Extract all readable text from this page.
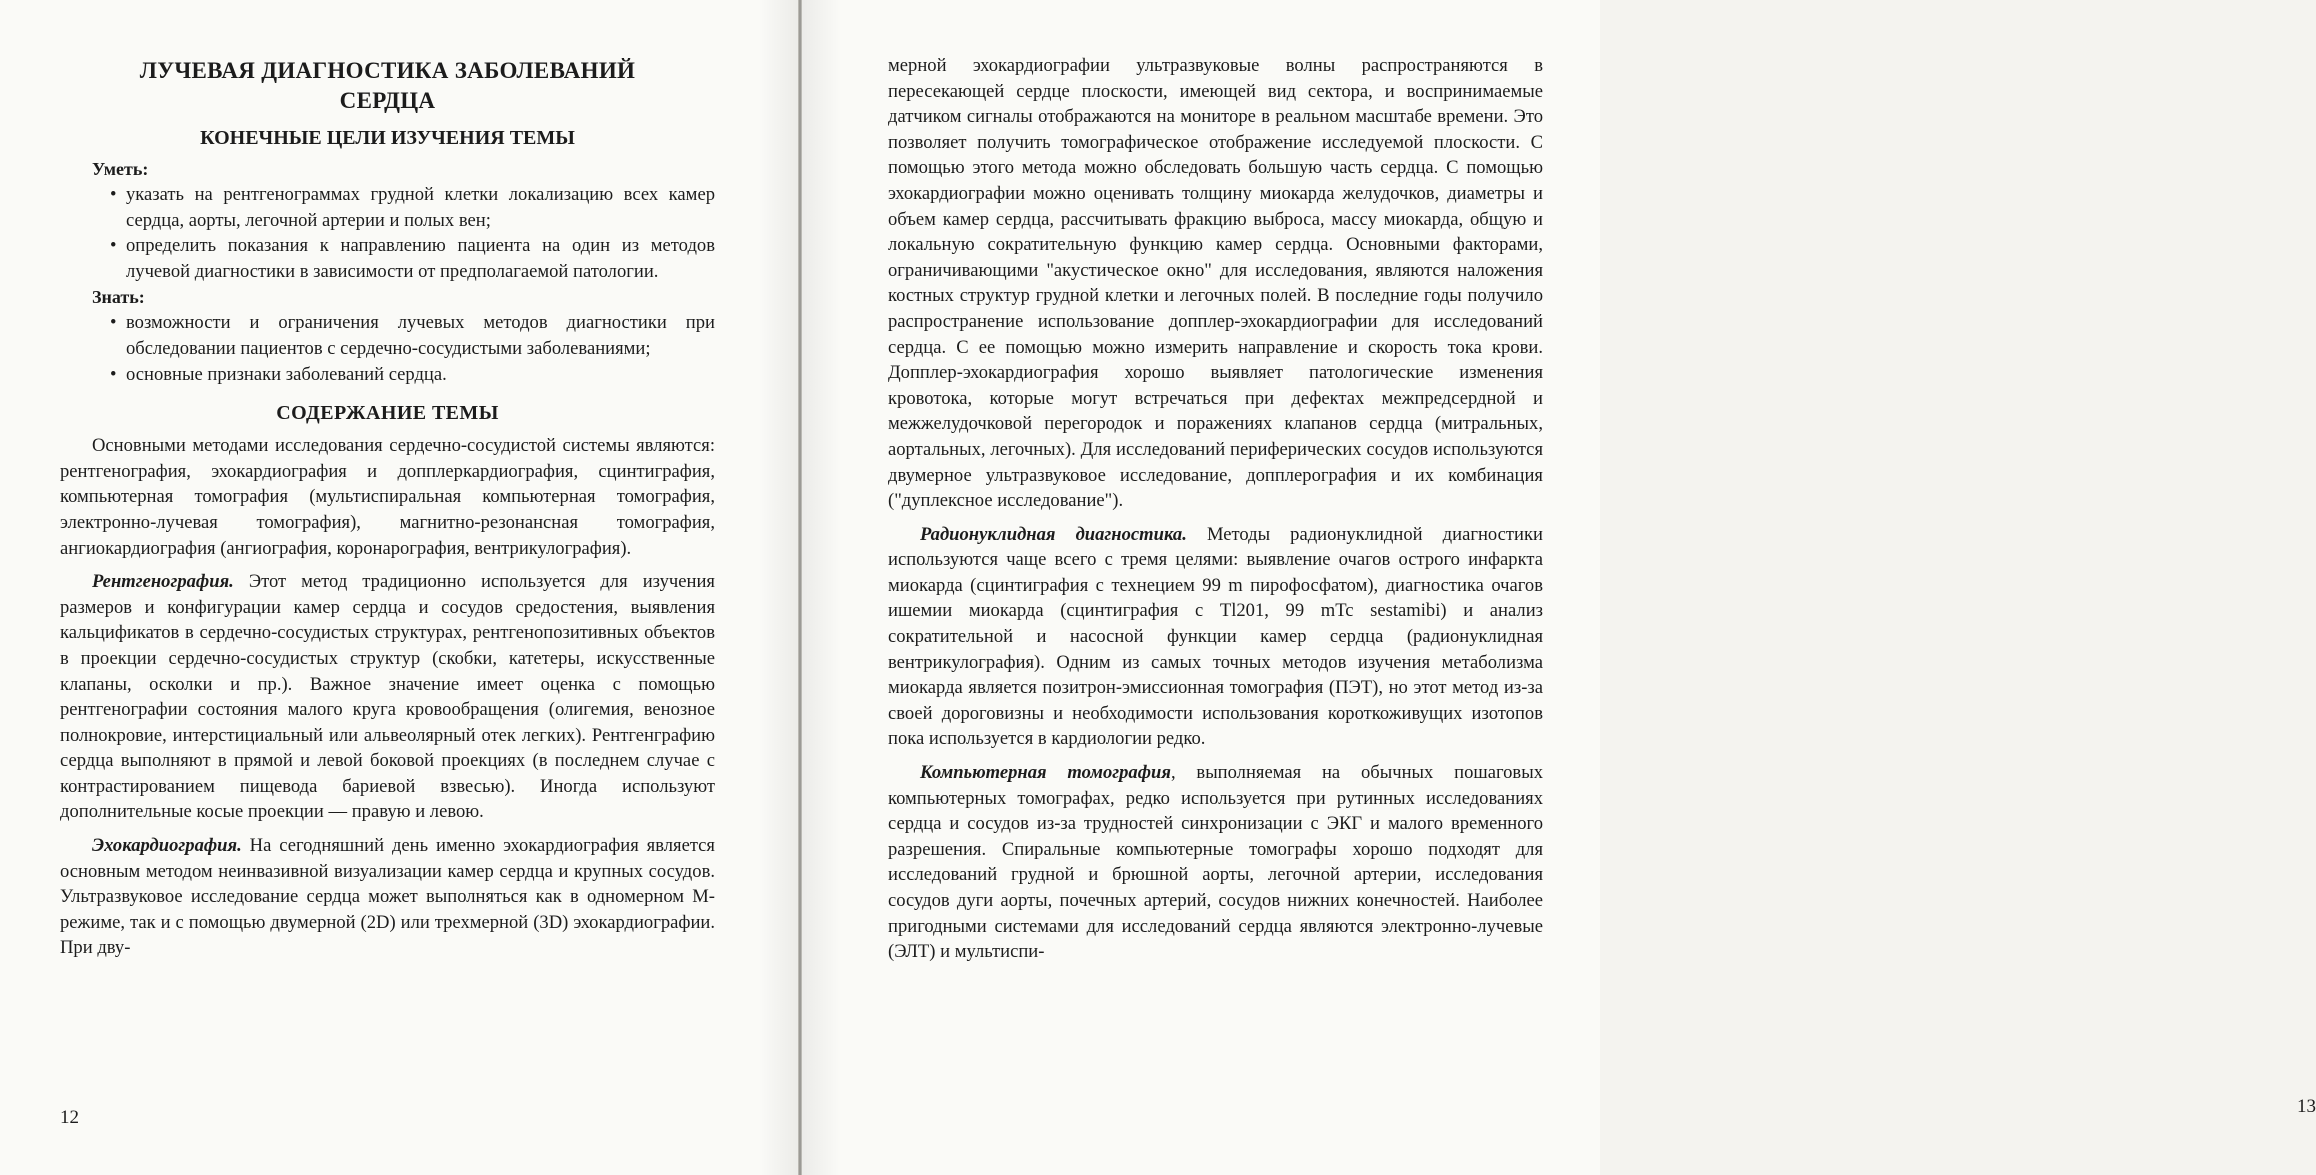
ЛУЧЕВАЯ ДИАГНОСТИКА ЗАБОЛЕВАНИЙ
СЕРДЦА
КОНЕЧНЫЕ ЦЕЛИ ИЗУЧЕНИЯ ТЕМЫ
Уметь:
• указать на рентгенограммах грудной клетки локализацию всех камер сердца, аорты, легочной артерии и полых вен;
• определить показания к направлению пациента на один из методов лучевой диагностики в зависимости от предполагаемой патологии.
Знать:
• возможности и ограничения лучевых методов диагностики при обследовании пациентов с сердечно-сосудистыми заболеваниями;
• основные признаки заболеваний сердца.
СОДЕРЖАНИЕ ТЕМЫ

Основными методами исследования сердечно-сосудистой системы являются: рентгенография, эхокардиография и допплеркардиография, сцинтиграфия, компьютерная томография (мультиспиральная компьютерная томография, электронно-лучевая томография), магнитно-резонансная томография, ангиокардиография (ангиография, коронарография, вентрикулография).

Рентгенография. Этот метод традиционно используется для изучения размеров и конфигурации камер сердца и сосудов средостения, выявления кальцификатов в сердечно-сосудистых структурах, рентгенопозитивных объектов в проекции сердечно-сосудистых структур (скобки, катетеры, искусственные клапаны, осколки и пр.). Важное значение имеет оценка с помощью рентгенографии состояния малого круга кровообращения (олигемия, венозное полнокровие, интерстициальный или альвеолярный отек легких). Рентгенграфию сердца выполняют в прямой и левой боковой проекциях (в последнем случае с контрастированием пищевода бариевой взвесью). Иногда используют дополнительные косые проекции — правую и левою.

Эхокардиография. На сегодняшний день именно эхокардиография является основным методом неинвазивной визуализации камер сердца и крупных сосудов. Ультразвуковое исследование сердца может выполняться как в одномерном М-режиме, так и с помощью двумерной (2D) или трехмерной (3D) эхокардиографии. При дву-

12

мерной эхокардиографии ультразвуковые волны распространяются в пересекающей сердце плоскости, имеющей вид сектора, и воспринимаемые датчиком сигналы отображаются на мониторе в реальном масштабе времени. Это позволяет получить томографическое отображение исследуемой плоскости. С помощью этого метода можно обследовать большую часть сердца. С помощью эхокардиографии можно оценивать толщину миокарда желудочков, диаметры и объем камер сердца, рассчитывать фракцию выброса, массу миокарда, общую и локальную сократительную функцию камер сердца. Основными факторами, ограничивающими "акустическое окно" для исследования, являются наложения костных структур грудной клетки и легочных полей. В последние годы получило распространение использование допплер-эхокардиографии для исследований сердца. С ее помощью можно измерить направление и скорость тока крови. Допплер-эхокардиография хорошо выявляет патологические изменения кровотока, которые могут встречаться при дефектах межпредсердной и межжелудочковой перегородок и поражениях клапанов сердца (митральных, аортальных, легочных). Для исследований периферических сосудов используются двумерное ультразвуковое исследование, допплерография и их комбинация ("дуплексное исследование").

Радионуклидная диагностика. Методы радионуклидной диагностики используются чаще всего с тремя целями: выявление очагов острого инфаркта миокарда (сцинтиграфия с технецием 99 m пирофосфатом), диагностика очагов ишемии миокарда (сцинтиграфия с Tl201, 99 mTc sestamibi) и анализ сократительной и насосной функции камер сердца (радионуклидная вентрикулография). Одним из самых точных методов изучения метаболизма миокарда является позитрон-эмиссионная томография (ПЭТ), но этот метод из-за своей дороговизны и необходимости использования короткоживущих изотопов пока используется в кардиологии редко.

Компьютерная томография, выполняемая на обычных пошаговых компьютерных томографах, редко используется при рутинных исследованиях сердца и сосудов из-за трудностей синхронизации с ЭКГ и малого временного разрешения. Спиральные компьютерные томографы хорошо подходят для исследований грудной и брюшной аорты, легочной артерии, исследования сосудов дуги аорты, почечных артерий, сосудов нижних конечностей. Наиболее пригодными системами для исследований сердца являются электронно-лучевые (ЭЛТ) и мультиспи-

13
